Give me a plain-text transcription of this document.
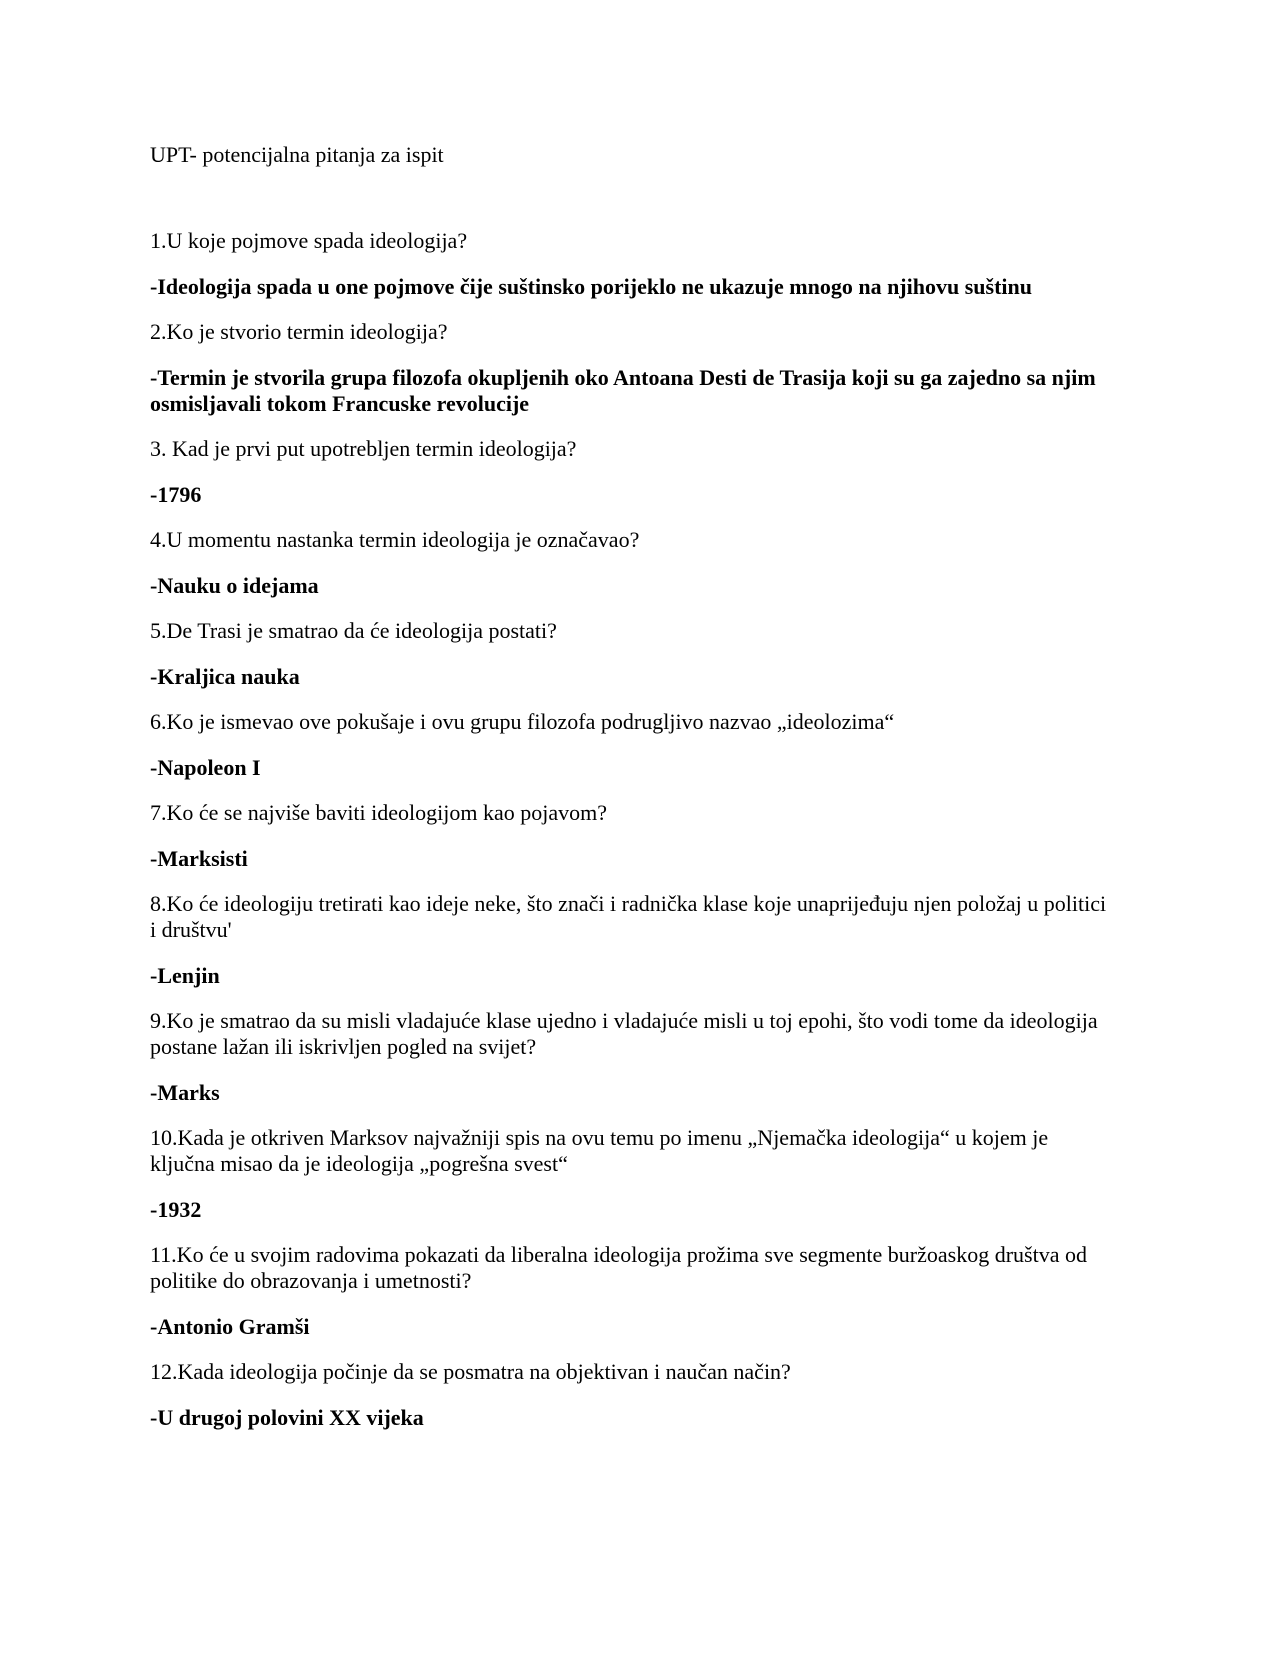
UPT- potencijalna pitanja za ispit

1.U koje pojmove spada ideologija?

-Ideologija spada u one pojmove čije suštinsko porijeklo ne ukazuje mnogo na njihovu suštinu

2.Ko je stvorio termin ideologija?

-Termin je stvorila grupa filozofa okupljenih oko Antoana Desti de Trasija koji su ga zajedno sa njim osmisljavali tokom Francuske revolucije

3. Kad je prvi put upotrebljen termin ideologija?

-1796

4.U momentu nastanka termin ideologija je označavao?

-Nauku o idejama

5.De Trasi je smatrao da će ideologija postati?

-Kraljica nauka

6.Ko je ismevao ove pokušaje i ovu grupu filozofa podrugljivo nazvao „ideolozima“

-Napoleon I

7.Ko će se najviše baviti ideologijom kao pojavom?

-Marksisti

8.Ko će ideologiju tretirati kao ideje neke, što znači i radnička klase koje unaprijeđuju njen položaj u politici i društvu'

-Lenjin

9.Ko je smatrao da su misli vladajuće klase ujedno i vladajuće misli u toj epohi, što vodi tome da ideologija postane lažan ili iskrivljen pogled na svijet?

-Marks

10.Kada je otkriven Marksov najvažniji spis na ovu temu po imenu „Njemačka ideologija“ u kojem je ključna misao da je ideologija „pogrešna svest“

-1932

11.Ko će u svojim radovima pokazati da liberalna ideologija prožima sve segmente buržoaskog društva od politike do obrazovanja i umetnosti?

-Antonio Gramši

12.Kada ideologija počinje da se posmatra na objektivan i naučan način?

-U drugoj polovini XX vijeka
